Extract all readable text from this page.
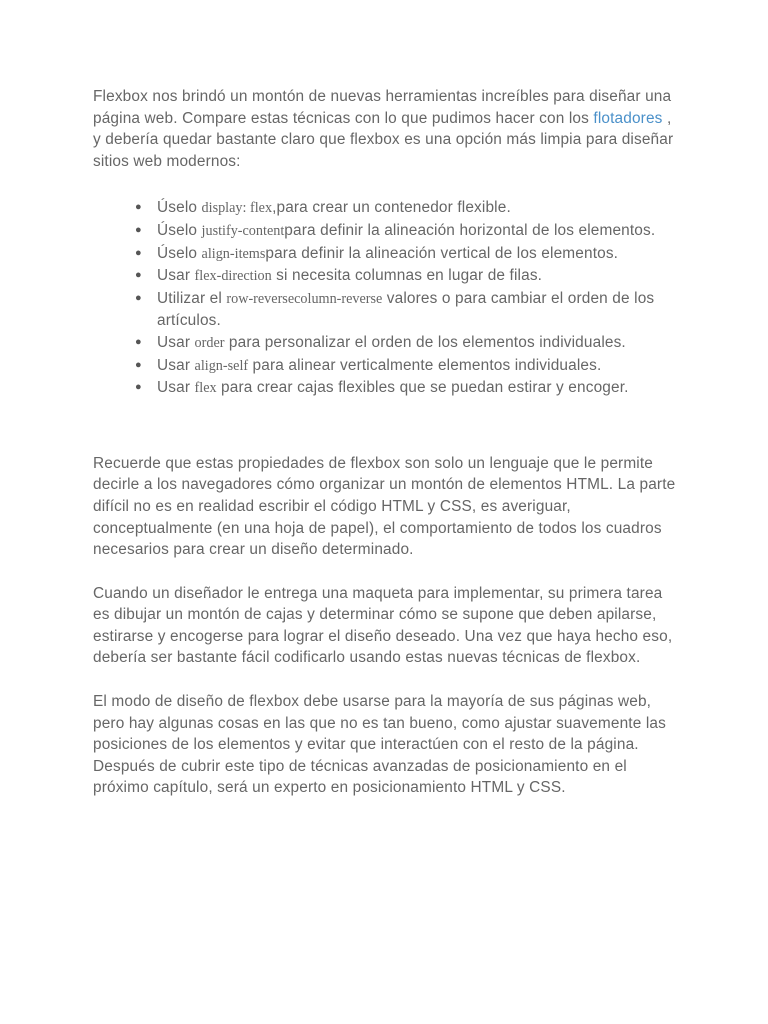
Flexbox nos brindó un montón de nuevas herramientas increíbles para diseñar una página web. Compare estas técnicas con lo que pudimos hacer con los flotadores , y debería quedar bastante claro que flexbox es una opción más limpia para diseñar sitios web modernos:

● Úselo display: flex,para crear un contenedor flexible.
● Úselo justify-contentpara definir la alineación horizontal de los elementos.
● Úselo align-itemspara definir la alineación vertical de los elementos.
● Usar flex-direction si necesita columnas en lugar de filas.
● Utilizar el row-reversecolumn-reverse valores o para cambiar el orden de los artículos.
● Usar order para personalizar el orden de los elementos individuales.
● Usar align-self para alinear verticalmente elementos individuales.
● Usar flex para crear cajas flexibles que se puedan estirar y encoger.

Recuerde que estas propiedades de flexbox son solo un lenguaje que le permite decirle a los navegadores cómo organizar un montón de elementos HTML. La parte difícil no es en realidad escribir el código HTML y CSS, es averiguar, conceptualmente (en una hoja de papel), el comportamiento de todos los cuadros necesarios para crear un diseño determinado.

Cuando un diseñador le entrega una maqueta para implementar, su primera tarea es dibujar un montón de cajas y determinar cómo se supone que deben apilarse, estirarse y encogerse para lograr el diseño deseado. Una vez que haya hecho eso, debería ser bastante fácil codificarlo usando estas nuevas técnicas de flexbox.

El modo de diseño de flexbox debe usarse para la mayoría de sus páginas web, pero hay algunas cosas en las que no es tan bueno, como ajustar suavemente las posiciones de los elementos y evitar que interactúen con el resto de la página. Después de cubrir este tipo de técnicas avanzadas de posicionamiento en el próximo capítulo, será un experto en posicionamiento HTML y CSS.
